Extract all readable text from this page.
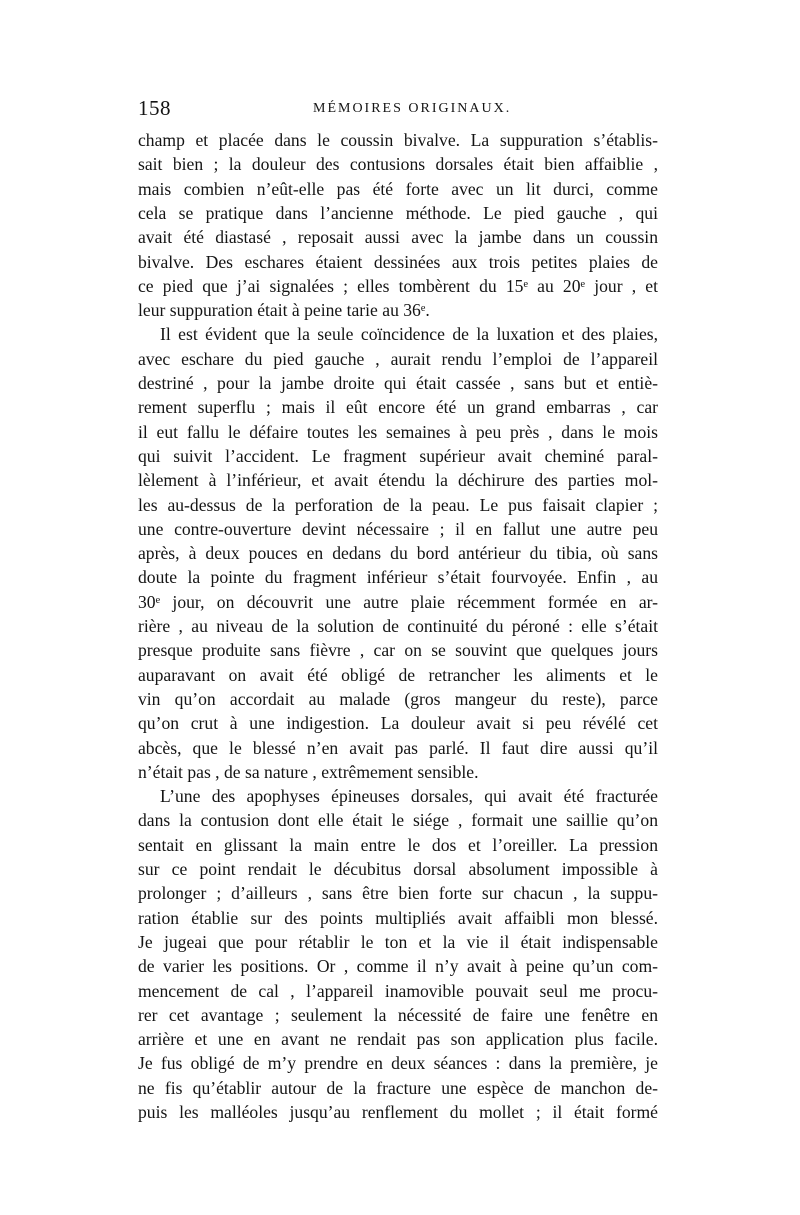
158	MÉMOIRES ORIGINAUX.
champ et placée dans le coussin bivalve. La suppuration s’établis-
sait bien ; la douleur des contusions dorsales était bien affaiblie ,
mais combien n’eût-elle pas été forte avec un lit durci, comme
cela se pratique dans l’ancienne méthode. Le pied gauche , qui
avait été diastasé , reposait aussi avec la jambe dans un coussin
bivalve. Des eschares étaient dessinées aux trois petites plaies de
ce pied que j’ai signalées ; elles tombèrent du 15ᵉ au 20ᵉ jour , et
leur suppuration était à peine tarie au 36ᵉ.
Il est évident que la seule coïncidence de la luxation et des plaies,
avec eschare du pied gauche , aurait rendu l’emploi de l’appareil
destriné , pour la jambe droite qui était cassée , sans but et entiè-
rement superflu ; mais il eût encore été un grand embarras , car
il eut fallu le défaire toutes les semaines à peu près , dans le mois
qui suivit l’accident. Le fragment supérieur avait cheminé paral-
lèlement à l’inférieur, et avait étendu la déchirure des parties mol-
les au-dessus de la perforation de la peau. Le pus faisait clapier ;
une contre-ouverture devint nécessaire ; il en fallut une autre peu
après, à deux pouces en dedans du bord antérieur du tibia, où sans
doute la pointe du fragment inférieur s’était fourvoyée. Enfin , au
30ᵉ jour, on découvrit une autre plaie récemment formée en ar-
rière , au niveau de la solution de continuité du péroné : elle s’était
presque produite sans fièvre , car on se souvint que quelques jours
auparavant on avait été obligé de retrancher les aliments et le
vin qu’on accordait au malade (gros mangeur du reste), parce
qu’on crut à une indigestion. La douleur avait si peu révélé cet
abcès, que le blessé n’en avait pas parlé. Il faut dire aussi qu’il
n’était pas , de sa nature , extrêmement sensible.
L’une des apophyses épineuses dorsales, qui avait été fracturée
dans la contusion dont elle était le siége , formait une saillie qu’on
sentait en glissant la main entre le dos et l’oreiller. La pression
sur ce point rendait le décubitus dorsal absolument impossible à
prolonger ; d’ailleurs , sans être bien forte sur chacun , la suppu-
ration établie sur des points multipliés avait affaibli mon blessé.
Je jugeai que pour rétablir le ton et la vie il était indispensable
de varier les positions. Or , comme il n’y avait à peine qu’un com-
mencement de cal , l’appareil inamovible pouvait seul me procu-
rer cet avantage ; seulement la nécessité de faire une fenêtre en
arrière et une en avant ne rendait pas son application plus facile.
Je fus obligé de m’y prendre en deux séances : dans la première, je
ne fis qu’établir autour de la fracture une espèce de manchon de-
puis les malléoles jusqu’au renflement du mollet ; il était formé
